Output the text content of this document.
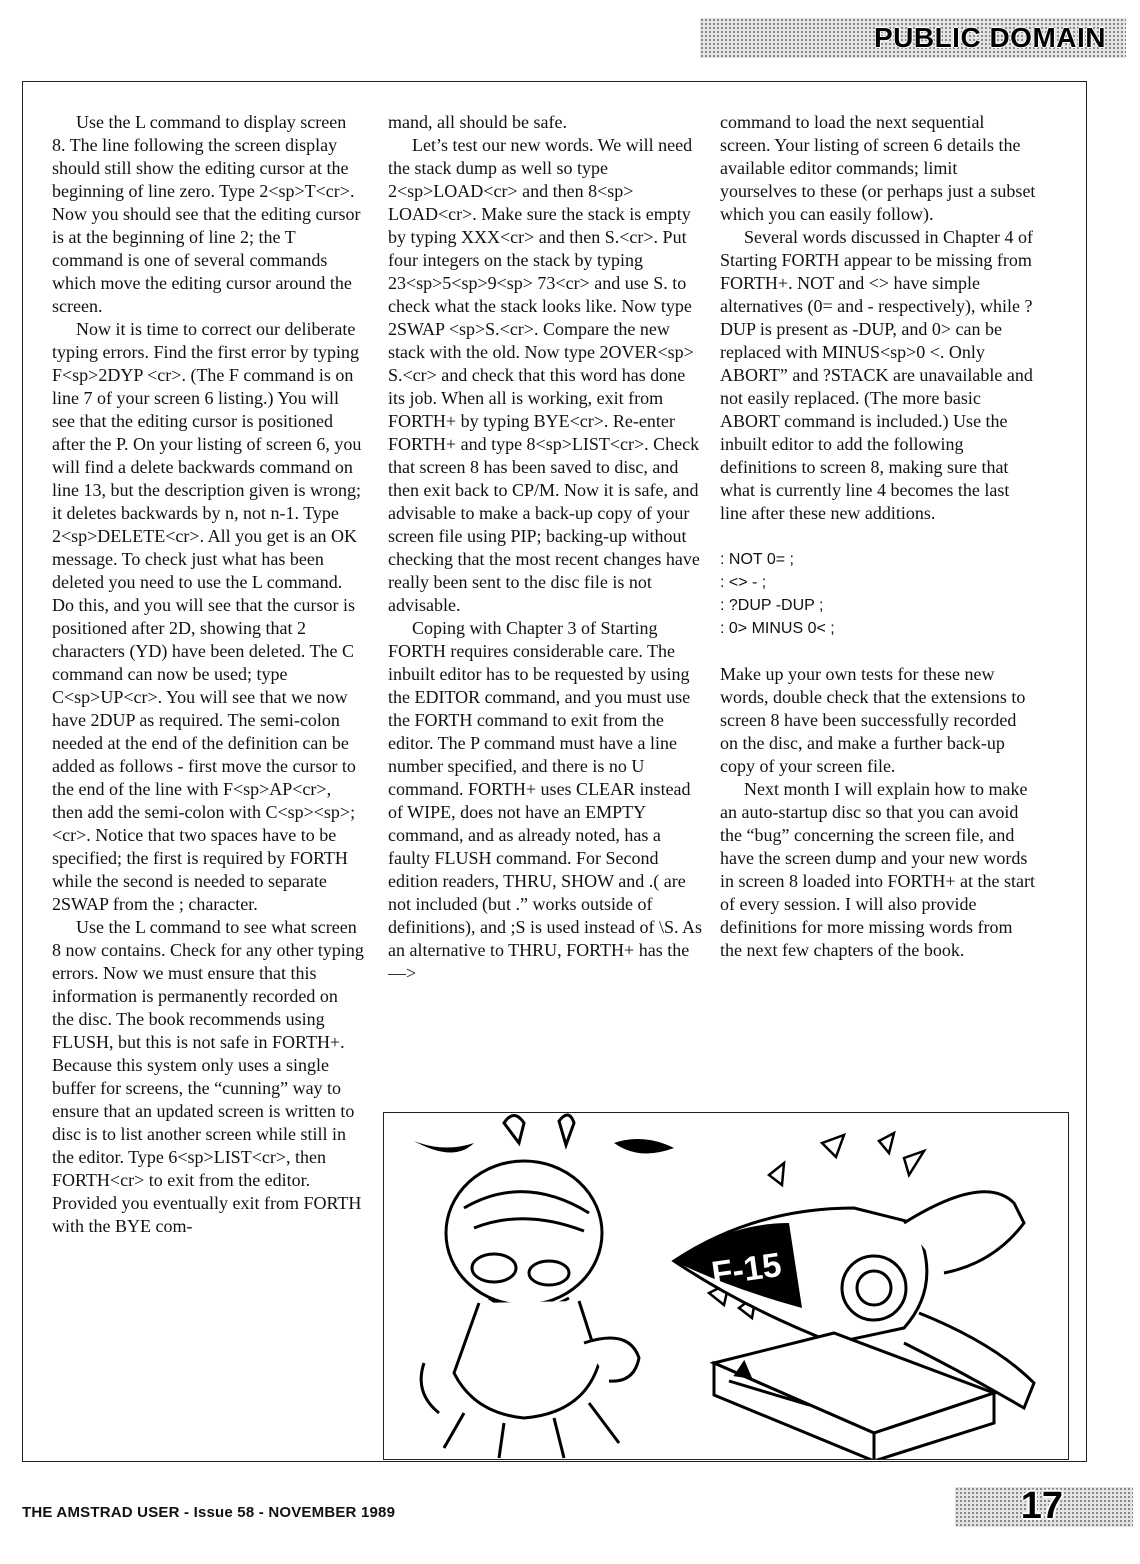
PUBLIC DOMAIN

Use the L command to display screen 8. The line following the screen display should still show the editing cursor at the beginning of line zero. Type 2<sp>T<cr>. Now you should see that the editing cursor is at the beginning of line 2; the T command is one of several commands which move the editing cursor around the screen.

Now it is time to correct our deliberate typing errors. Find the first error by typing F<sp>2DYP <cr>. (The F command is on line 7 of your screen 6 listing.) You will see that the editing cursor is positioned after the P. On your listing of screen 6, you will find a delete backwards command on line 13, but the description given is wrong; it deletes backwards by n, not n-1. Type 2<sp>DELETE<cr>. All you get is an OK message. To check just what has been deleted you need to use the L command. Do this, and you will see that the cursor is positioned after 2D, showing that 2 characters (YD) have been deleted. The C command can now be used; type C<sp>UP<cr>. You will see that we now have 2DUP as required. The semi-colon needed at the end of the definition can be added as follows - first move the cursor to the end of the line with F<sp>AP<cr>, then add the semi-colon with C<sp><sp>;<cr>. Notice that two spaces have to be specified; the first is required by FORTH while the second is needed to separate 2SWAP from the ; character.

Use the L command to see what screen 8 now contains. Check for any other typing errors. Now we must ensure that this information is permanently recorded on the disc. The book recommends using FLUSH, but this is not safe in FORTH+. Because this system only uses a single buffer for screens, the “cunning” way to ensure that an updated screen is written to disc is to list another screen while still in the editor. Type 6<sp>LIST<cr>, then FORTH<cr> to exit from the editor. Provided you eventually exit from FORTH with the BYE com-

mand, all should be safe.

Let’s test our new words. We will need the stack dump as well so type 2<sp>LOAD<cr> and then 8<sp> LOAD<cr>. Make sure the stack is empty by typing XXX<cr> and then S.<cr>. Put four integers on the stack by typing 23<sp>5<sp>9<sp> 73<cr> and use S. to check what the stack looks like. Now type 2SWAP <sp>S.<cr>. Compare the new stack with the old. Now type 2OVER<sp> S.<cr> and check that this word has done its job. When all is working, exit from FORTH+ by typing BYE<cr>. Re-enter FORTH+ and type 8<sp>LIST<cr>. Check that screen 8 has been saved to disc, and then exit back to CP/M. Now it is safe, and advisable to make a back-up copy of your screen file using PIP; backing-up without checking that the most recent changes have really been sent to the disc file is not advisable.

Coping with Chapter 3 of Starting FORTH requires considerable care. The inbuilt editor has to be requested by using the EDITOR command, and you must use the FORTH command to exit from the editor. The P command must have a line number specified, and there is no U command. FORTH+ uses CLEAR instead of WIPE, does not have an EMPTY command, and as already noted, has a faulty FLUSH command. For Second edition readers, THRU, SHOW and .( are not included (but .” works outside of definitions), and ;S is used instead of \S. As an alternative to THRU, FORTH+ has the —>

command to load the next sequential screen. Your listing of screen 6 details the available editor commands; limit yourselves to these (or perhaps just a subset which you can easily follow).

Several words discussed in Chapter 4 of Starting FORTH appear to be missing from FORTH+. NOT and <> have simple alternatives (0= and - respectively), while ?DUP is present as -DUP, and 0> can be replaced with MINUS<sp>0 <. Only ABORT” and ?STACK are unavailable and not easily replaced. (The more basic ABORT command is included.) Use the inbuilt editor to add the following definitions to screen 8, making sure that what is currently line 4 becomes the last line after these new additions.

: NOT 0= ;
: <> - ;
: ?DUP -DUP ;
: 0> MINUS 0< ;

Make up your own tests for these new words, double check that the extensions to screen 8 have been successfully recorded on the disc, and make a further back-up copy of your screen file.

Next month I will explain how to make an auto-startup disc so that you can avoid the “bug” concerning the screen file, and have the screen dump and your new words in screen 8 loaded into FORTH+ at the start of every session. I will also provide definitions for more missing words from the next few chapters of the book.

F-15
THE AMSTRAD USER - Issue 58 - NOVEMBER 1989	17
